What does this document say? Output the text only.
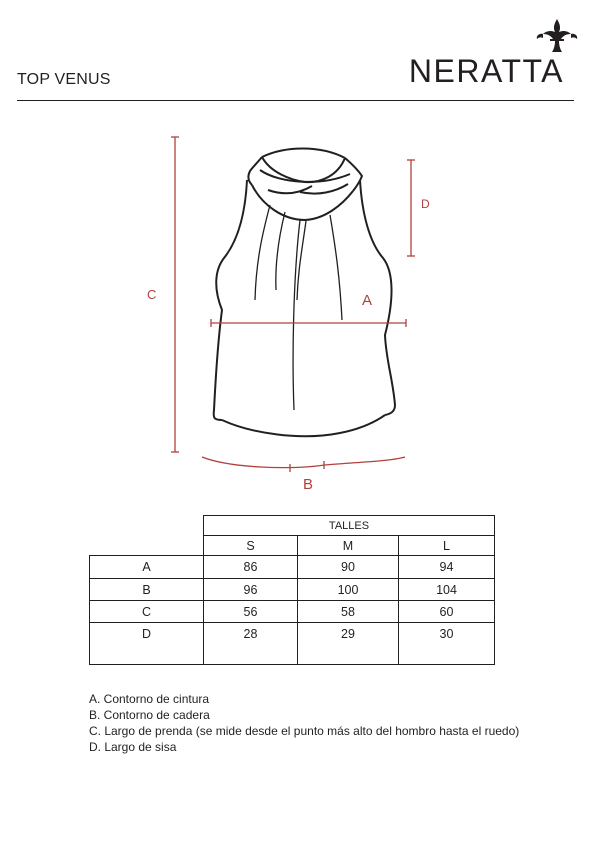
TOP VENUS	NERATTA
A
B
C
D
	TALLES		
	S	M	L
A	86	90	94
B	96	100	104
C	56	58	60
D	28	29	30
A. Contorno de cintura
B. Contorno de cadera
C. Largo de prenda (se mide desde el punto más alto del hombro hasta el ruedo)
D. Largo de sisa
